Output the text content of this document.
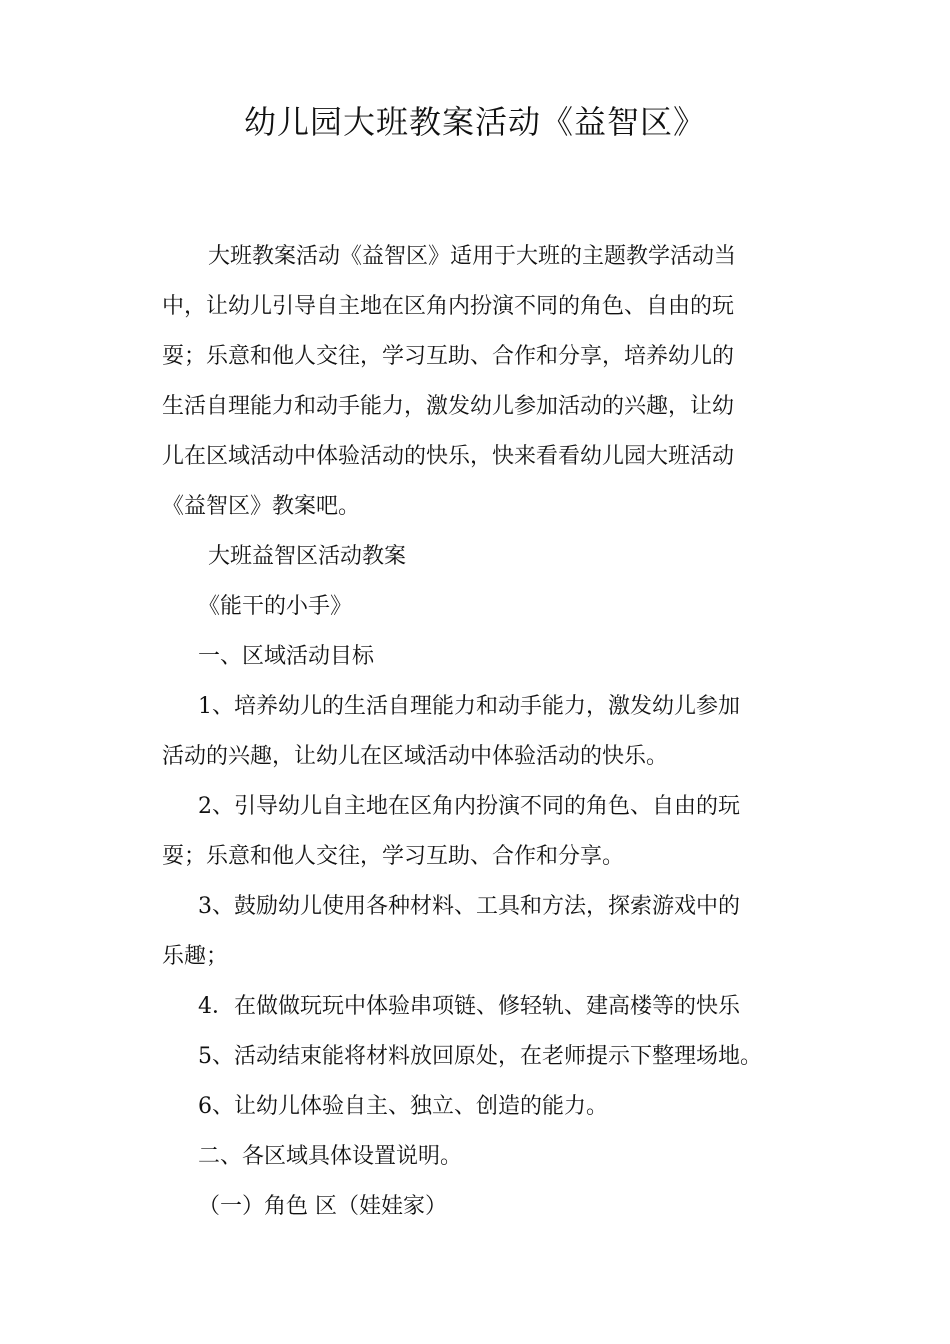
幼儿园大班教案活动《益智区》

大班教案活动《益智区》适用于大班的主题教学活动当

中，让幼儿引导自主地在区角内扮演不同的角色、自由的玩

耍；乐意和他人交往，学习互助、合作和分享，培养幼儿的

生活自理能力和动手能力，激发幼儿参加活动的兴趣，让幼

儿在区域活动中体验活动的快乐，快来看看幼儿园大班活动

《益智区》教案吧。

大班益智区活动教案

《能干的小手》

一、区域活动目标

1、培养幼儿的生活自理能力和动手能力，激发幼儿参加

活动的兴趣，让幼儿在区域活动中体验活动的快乐。

2、引导幼儿自主地在区角内扮演不同的角色、自由的玩

耍；乐意和他人交往，学习互助、合作和分享。

3、鼓励幼儿使用各种材料、工具和方法，探索游戏中的

乐趣；

4．在做做玩玩中体验串项链、修轻轨、建高楼等的快乐

5、活动结束能将材料放回原处，在老师提示下整理场地。

6、让幼儿体验自主、独立、创造的能力。

二、各区域具体设置说明。

（一）角色 区（娃娃家）
